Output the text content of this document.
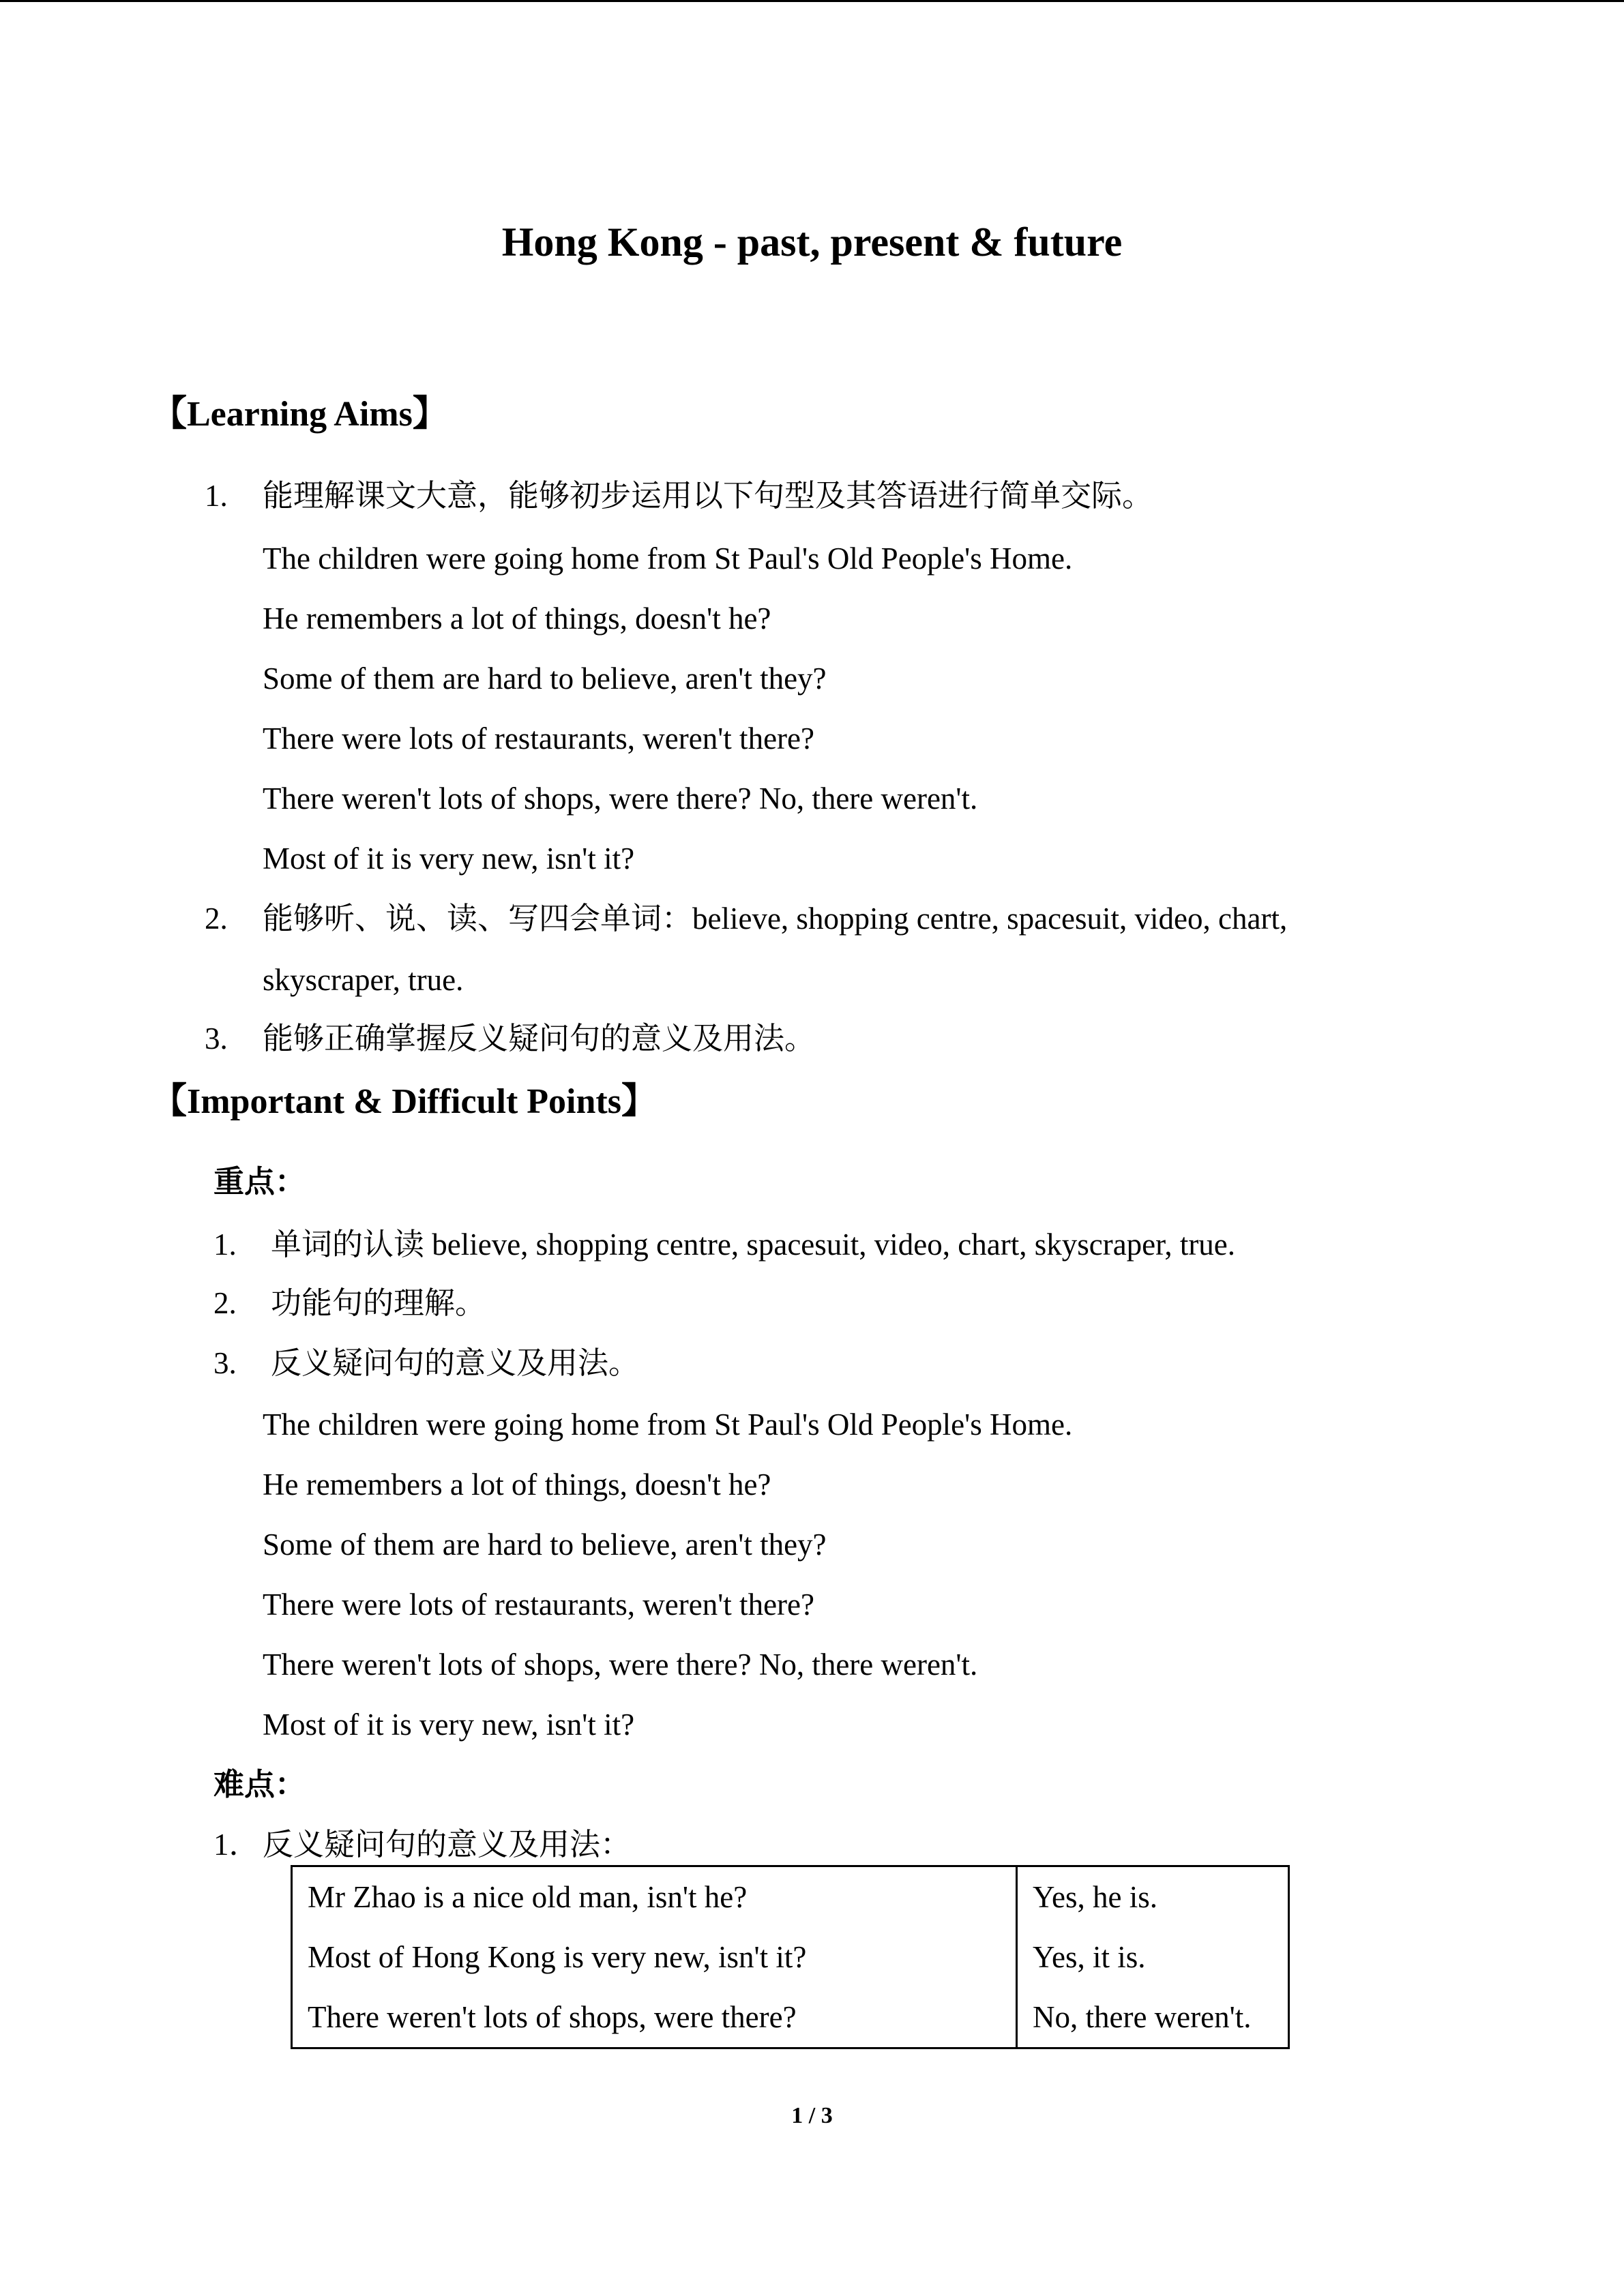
Hong Kong - past, present & future
【Learning Aims】
1. 能理解课文大意，能够初步运用以下句型及其答语进行简单交际。
The children were going home from St Paul's Old People's Home.
He remembers a lot of things, doesn't he?
Some of them are hard to believe, aren't they?
There were lots of restaurants, weren't there?
There weren't lots of shops, were there? No, there weren't.
Most of it is very new, isn't it?
2. 能够听、说、读、写四会单词：believe, shopping centre, spacesuit, video, chart,
skyscraper, true.
3. 能够正确掌握反义疑问句的意义及用法。
【Important & Difficult Points】
重点：
1. 单词的认读 believe, shopping centre, spacesuit, video, chart, skyscraper, true.
2. 功能句的理解。
3. 反义疑问句的意义及用法。
The children were going home from St Paul's Old People's Home.
He remembers a lot of things, doesn't he?
Some of them are hard to believe, aren't they?
There were lots of restaurants, weren't there?
There weren't lots of shops, were there? No, there weren't.
Most of it is very new, isn't it?
难点：
1． 反义疑问句的意义及用法：
Mr Zhao is a nice old man, isn't he?	Yes, he is.
Most of Hong Kong is very new, isn't it?	Yes, it is.
There weren't lots of shops, were there?	No, there weren't.
1 / 3
